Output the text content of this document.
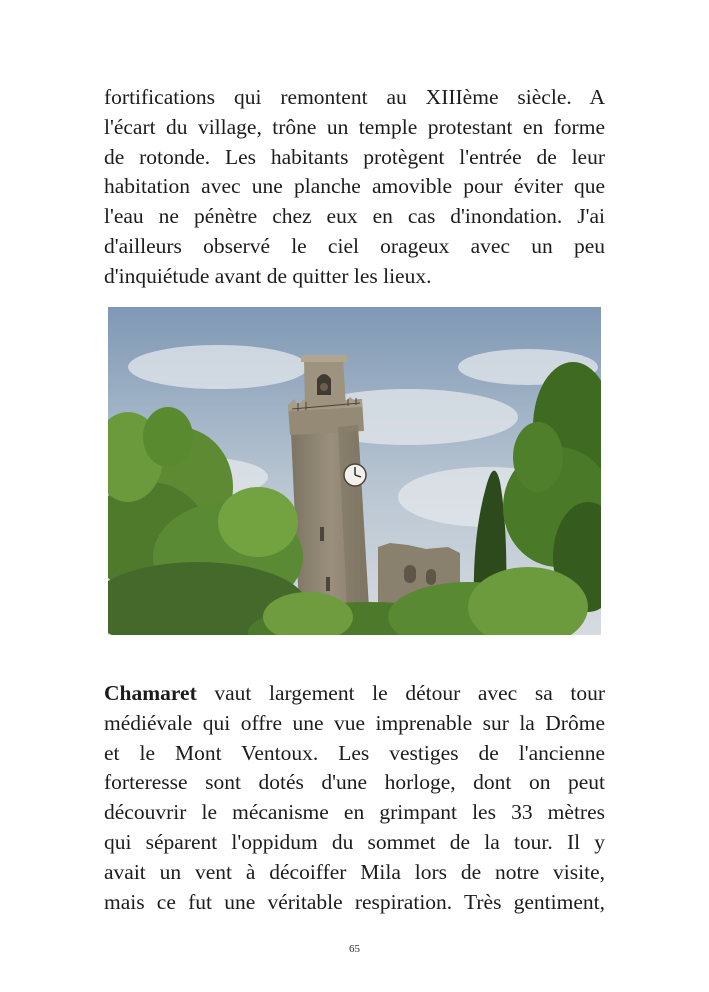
fortifications qui remontent au XIIIème siècle. A
l'écart du village, trône un temple protestant en forme
de rotonde. Les habitants protègent l'entrée de leur
habitation avec une planche amovible pour éviter que
l'eau ne pénètre chez eux en cas d'inondation. J'ai
d'ailleurs observé le ciel orageux avec un peu
d'inquiétude avant de quitter les lieux.
Chamaret vaut largement le détour avec sa tour
médiévale qui offre une vue imprenable sur la Drôme
et le Mont Ventoux. Les vestiges de l'ancienne
forteresse sont dotés d'une horloge, dont on peut
découvrir le mécanisme en grimpant les 33 mètres
qui séparent l'oppidum du sommet de la tour. Il y
avait un vent à décoiffer Mila lors de notre visite,
mais ce fut une véritable respiration. Très gentiment,
65
